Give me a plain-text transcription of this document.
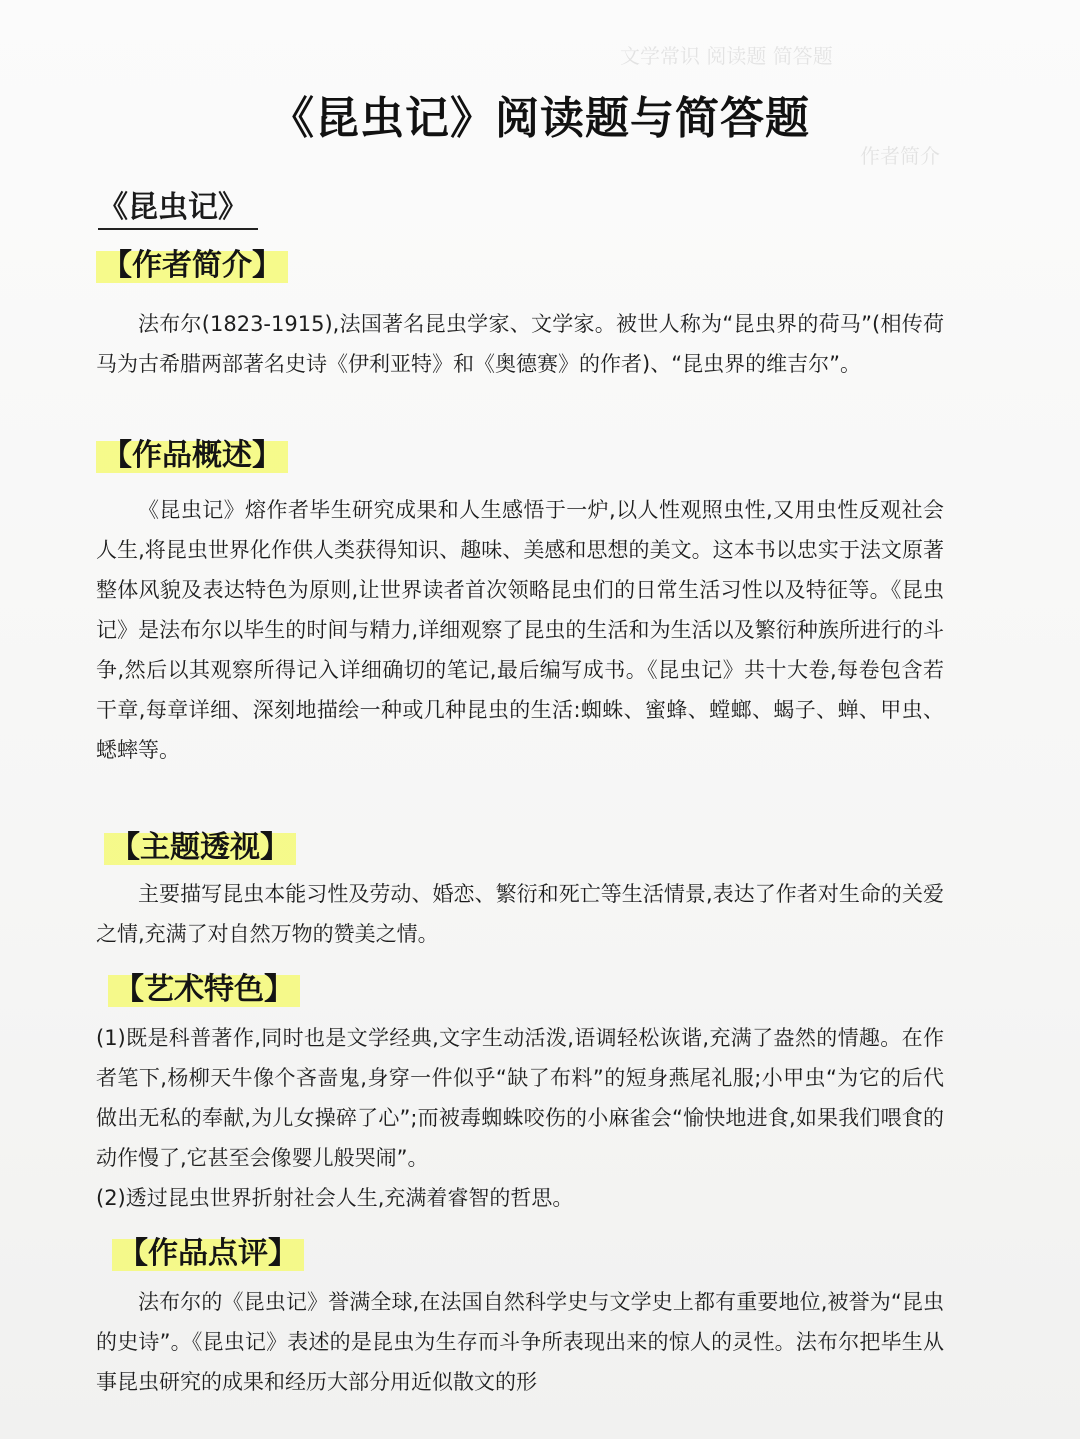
文学常识 阅读题 简答题
作者简介
《昆虫记》阅读题与简答题
《昆虫记》
【作者简介】

法布尔(1823-1915),法国著名昆虫学家、文学家。被世人称为“昆虫界的荷马”(相传荷马为古希腊两部著名史诗《伊利亚特》和《奥德赛》的作者)、“昆虫界的维吉尔”。

【作品概述】

《昆虫记》熔作者毕生研究成果和人生感悟于一炉,以人性观照虫性,又用虫性反观社会人生,将昆虫世界化作供人类获得知识、趣味、美感和思想的美文。这本书以忠实于法文原著整体风貌及表达特色为原则,让世界读者首次领略昆虫们的日常生活习性以及特征等。《昆虫记》是法布尔以毕生的时间与精力,详细观察了昆虫的生活和为生活以及繁衍种族所进行的斗争,然后以其观察所得记入详细确切的笔记,最后编写成书。《昆虫记》共十大卷,每卷包含若干章,每章详细、深刻地描绘一种或几种昆虫的生活:蜘蛛、蜜蜂、螳螂、蝎子、蝉、甲虫、蟋蟀等。

【主题透视】

主要描写昆虫本能习性及劳动、婚恋、繁衍和死亡等生活情景,表达了作者对生命的关爱之情,充满了对自然万物的赞美之情。

【艺术特色】

(1)既是科普著作,同时也是文学经典,文字生动活泼,语调轻松诙谐,充满了盎然的情趣。在作者笔下,杨柳天牛像个吝啬鬼,身穿一件似乎“缺了布料”的短身燕尾礼服;小甲虫“为它的后代做出无私的奉献,为儿女操碎了心”;而被毒蜘蛛咬伤的小麻雀会“愉快地进食,如果我们喂食的动作慢了,它甚至会像婴儿般哭闹”。

(2)透过昆虫世界折射社会人生,充满着睿智的哲思。

【作品点评】

法布尔的《昆虫记》誉满全球,在法国自然科学史与文学史上都有重要地位,被誉为“昆虫的史诗”。《昆虫记》表述的是昆虫为生存而斗争所表现出来的惊人的灵性。法布尔把毕生从事昆虫研究的成果和经历大部分用近似散文的形
